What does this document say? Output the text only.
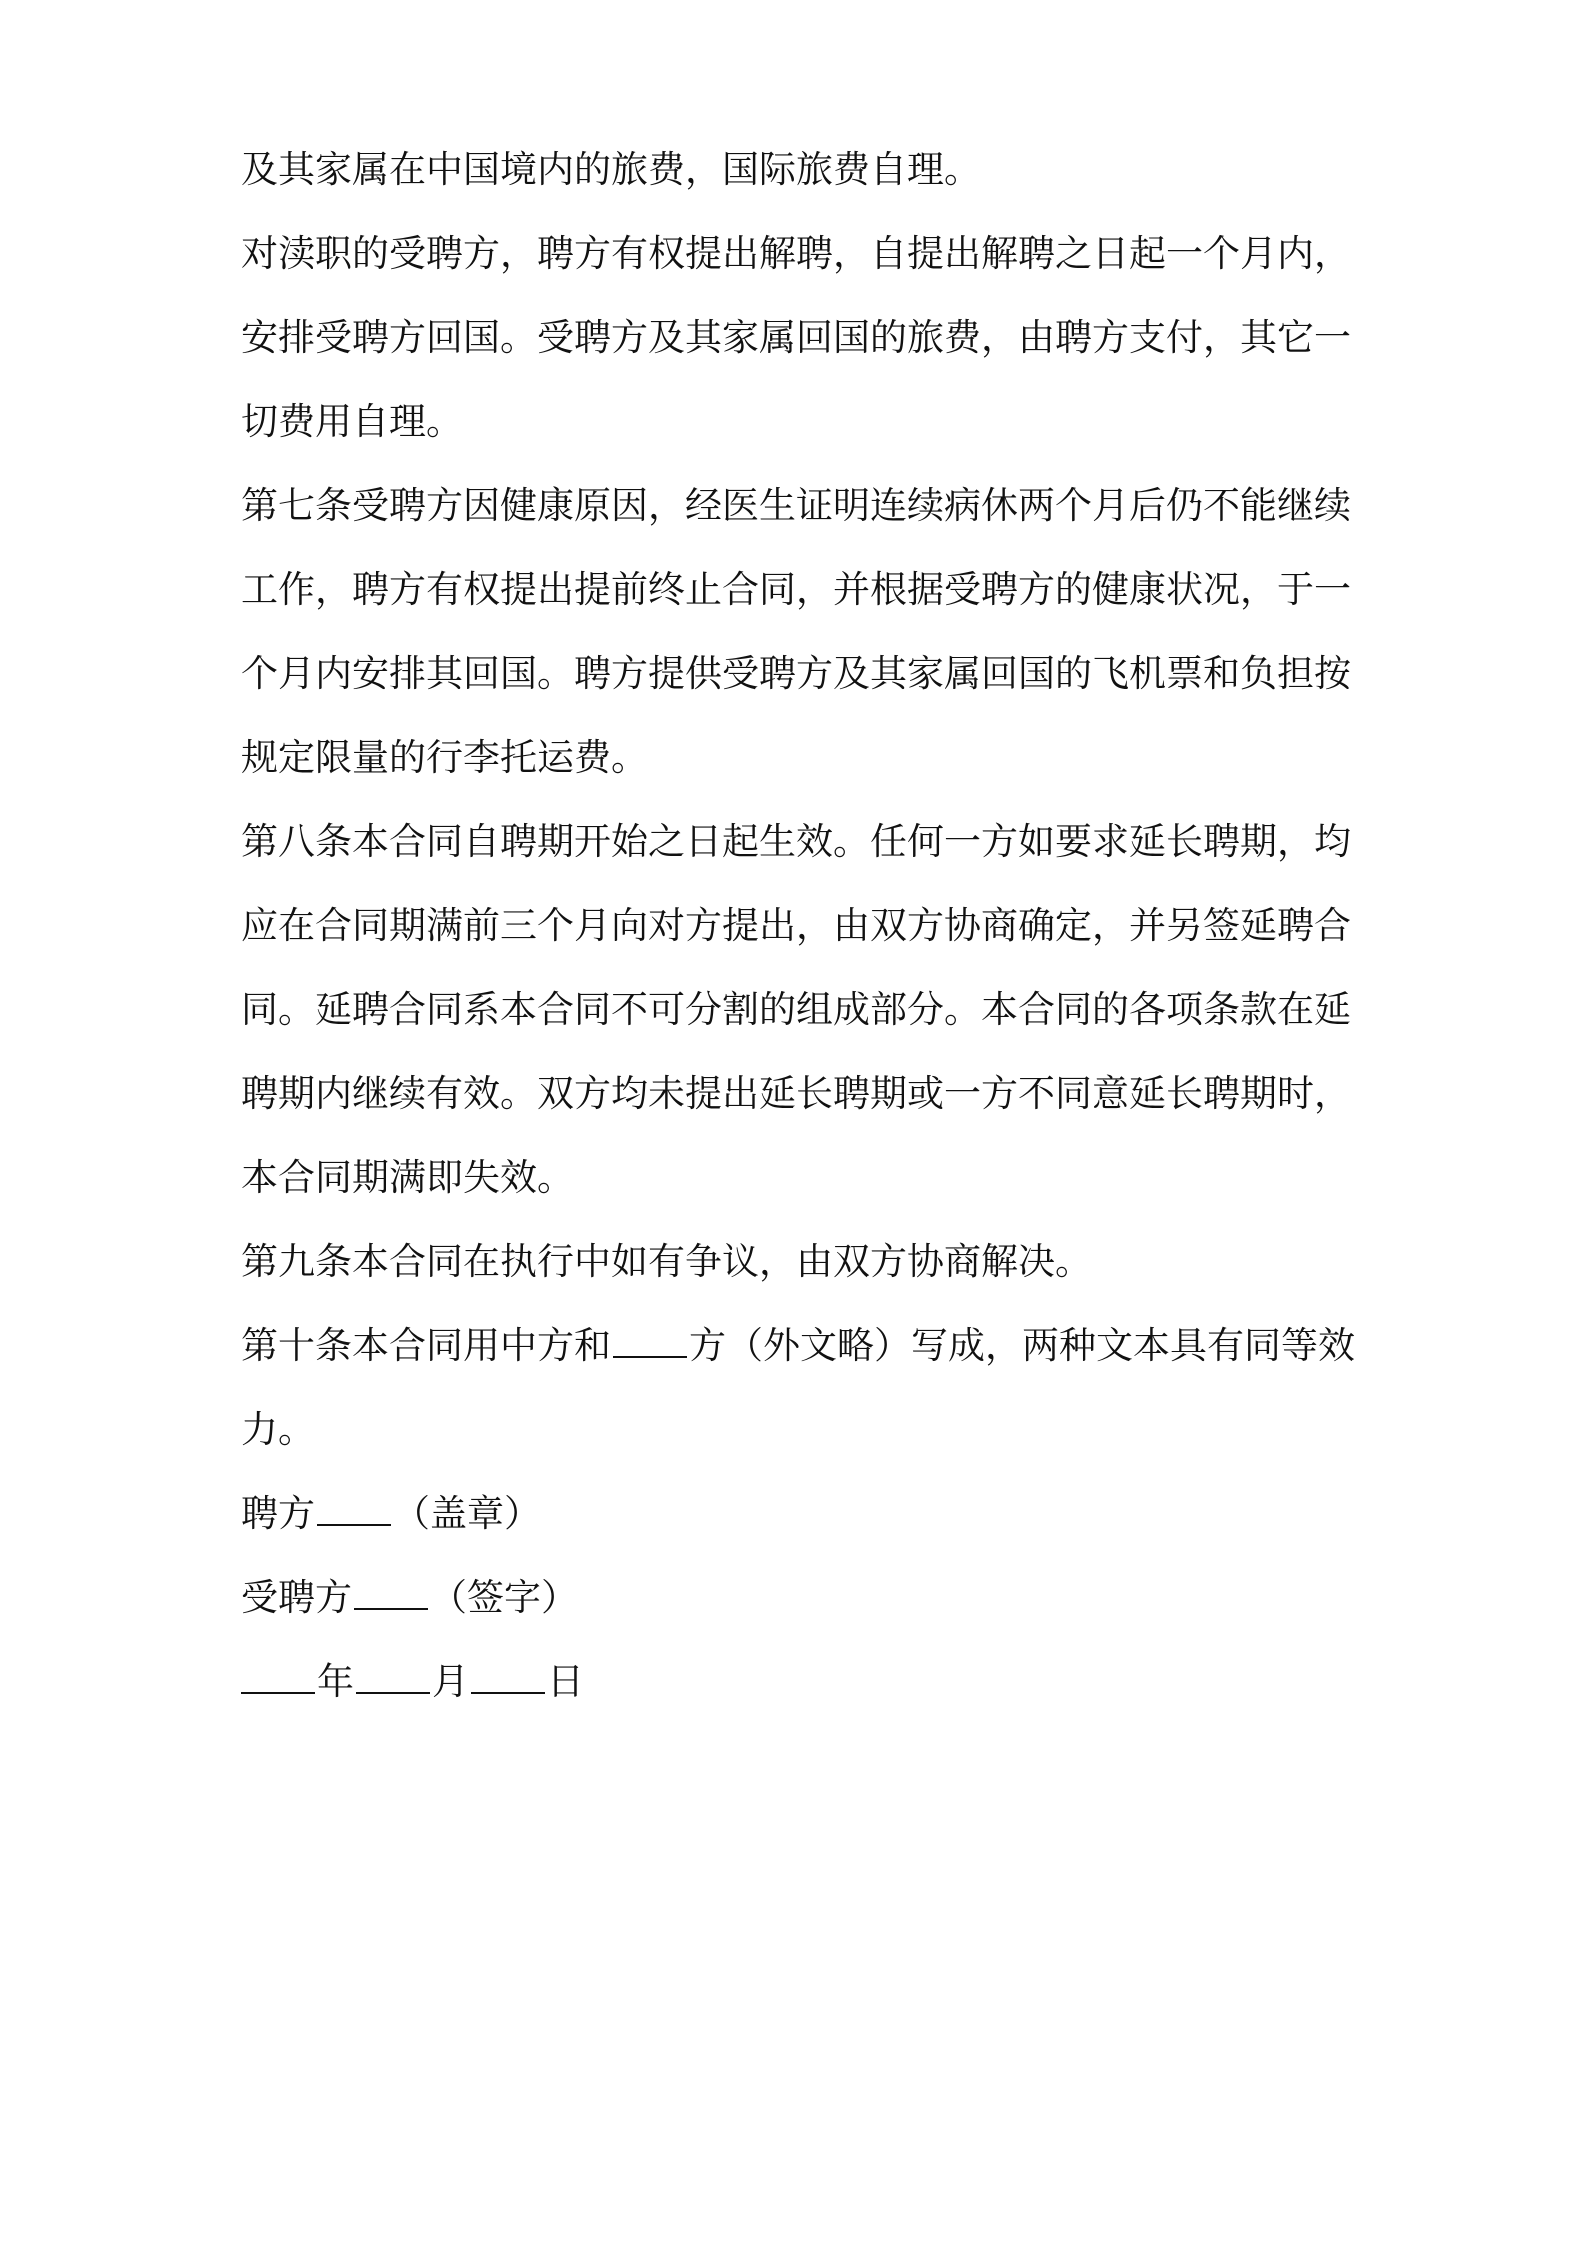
及其家属在中国境内的旅费，国际旅费自理。
对渎职的受聘方，聘方有权提出解聘，自提出解聘之日起一个月内，
安排受聘方回国。受聘方及其家属回国的旅费，由聘方支付，其它一
切费用自理。
第七条受聘方因健康原因，经医生证明连续病休两个月后仍不能继续
工作，聘方有权提出提前终止合同，并根据受聘方的健康状况，于一
个月内安排其回国。聘方提供受聘方及其家属回国的飞机票和负担按
规定限量的行李托运费。
第八条本合同自聘期开始之日起生效。任何一方如要求延长聘期，均
应在合同期满前三个月向对方提出，由双方协商确定，并另签延聘合
同。延聘合同系本合同不可分割的组成部分。本合同的各项条款在延
聘期内继续有效。双方均未提出延长聘期或一方不同意延长聘期时，
本合同期满即失效。
第九条本合同在执行中如有争议，由双方协商解决。
第十条本合同用中方和 方（外文略）写成，两种文本具有同等效
力。
聘方 （盖章）
受聘方 （签字）
年 月 日
